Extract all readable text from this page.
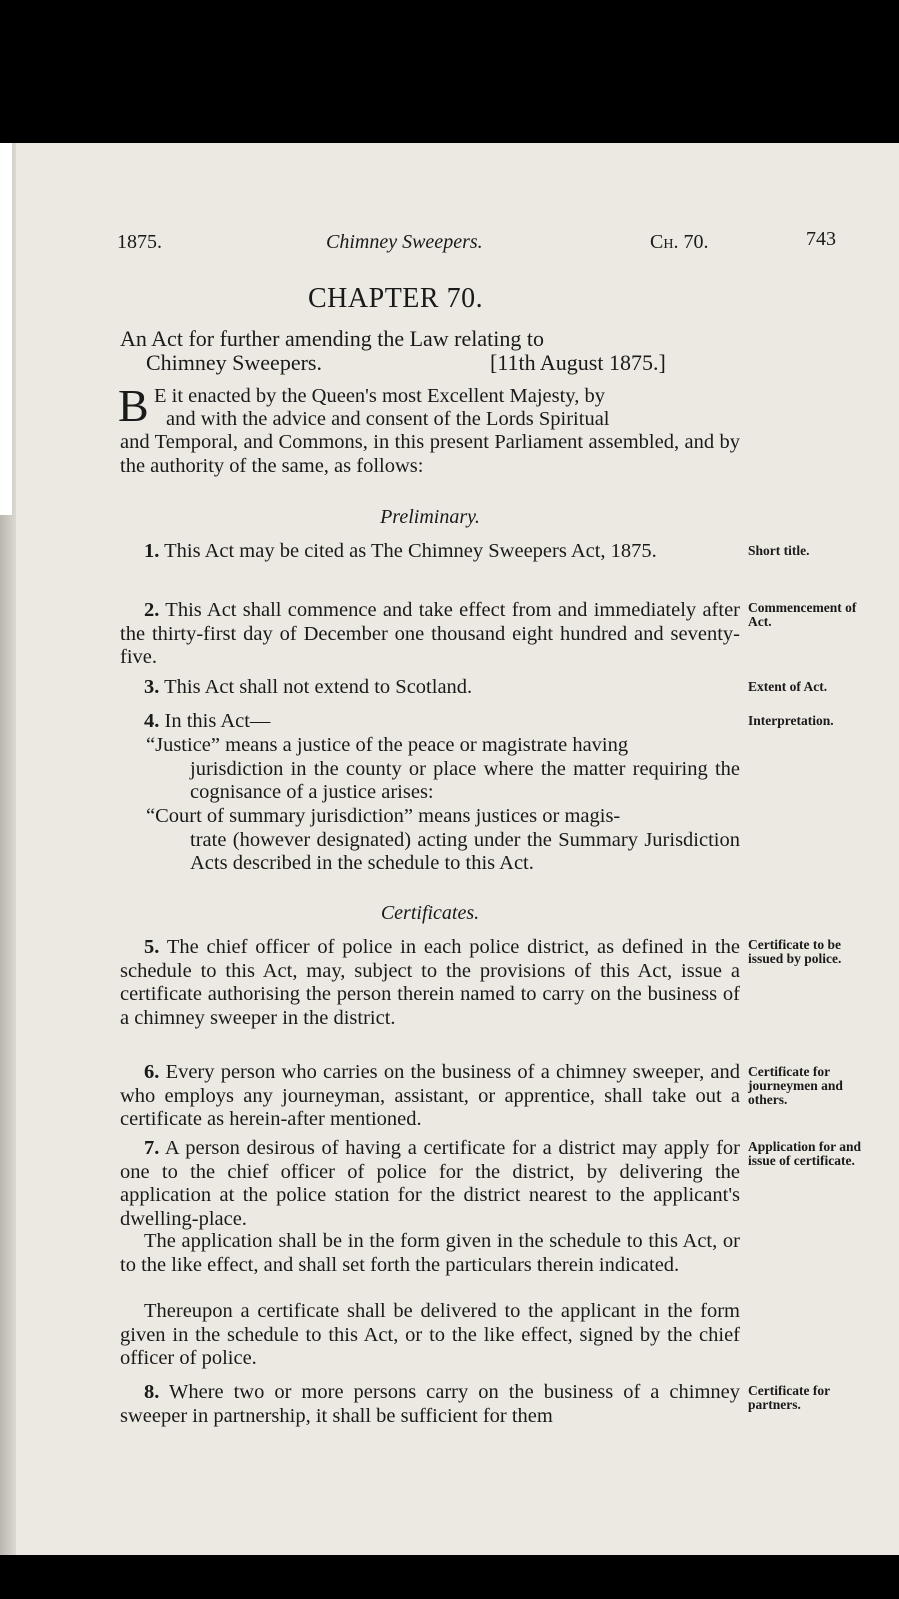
1875.	Chimney Sweepers.	Ch. 70.	743

CHAPTER 70.

An Act for further amending the Law relating to

Chimney Sweepers.	[11th August 1875.]

B E it enacted by the Queen's most Excellent Majesty, by

and with the advice and consent of the Lords Spiritual

and Temporal, and Commons, in this present Parliament assembled, and by the authority of the same, as follows:

Preliminary.

1. This Act may be cited as The Chimney Sweepers Act, 1875.	Short title.

2. This Act shall commence and take effect from and immediately after the thirty-first day of December one thousand eight hundred and seventy-five.

Commencement of Act.

3. This Act shall not extend to Scotland.	Extent of Act.

4. In this Act—	Interpretation.

“Justice” means a justice of the peace or magistrate having
jurisdiction in the county or place where the matter requiring the cognisance of a justice arises:

“Court of summary jurisdiction” means justices or magis-
trate (however designated) acting under the Summary Jurisdiction Acts described in the schedule to this Act.

Certificates.

5. The chief officer of police in each police district, as defined in the schedule to this Act, may, subject to the provisions of this Act, issue a certificate authorising the person therein named to carry on the business of a chimney sweeper in the district.

Certificate to be issued by police.

6. Every person who carries on the business of a chimney sweeper, and who employs any journeyman, assistant, or apprentice, shall take out a certificate as herein-after mentioned.

Certificate for journeymen and others.

7. A person desirous of having a certificate for a district may apply for one to the chief officer of police for the district, by delivering the application at the police station for the district nearest to the applicant's dwelling-place.

Application for and issue of certificate.

The application shall be in the form given in the schedule to this Act, or to the like effect, and shall set forth the particulars therein indicated.

Thereupon a certificate shall be delivered to the applicant in the form given in the schedule to this Act, or to the like effect, signed by the chief officer of police.

8. Where two or more persons carry on the business of a chimney sweeper in partnership, it shall be sufficient for them

Certificate for partners.
